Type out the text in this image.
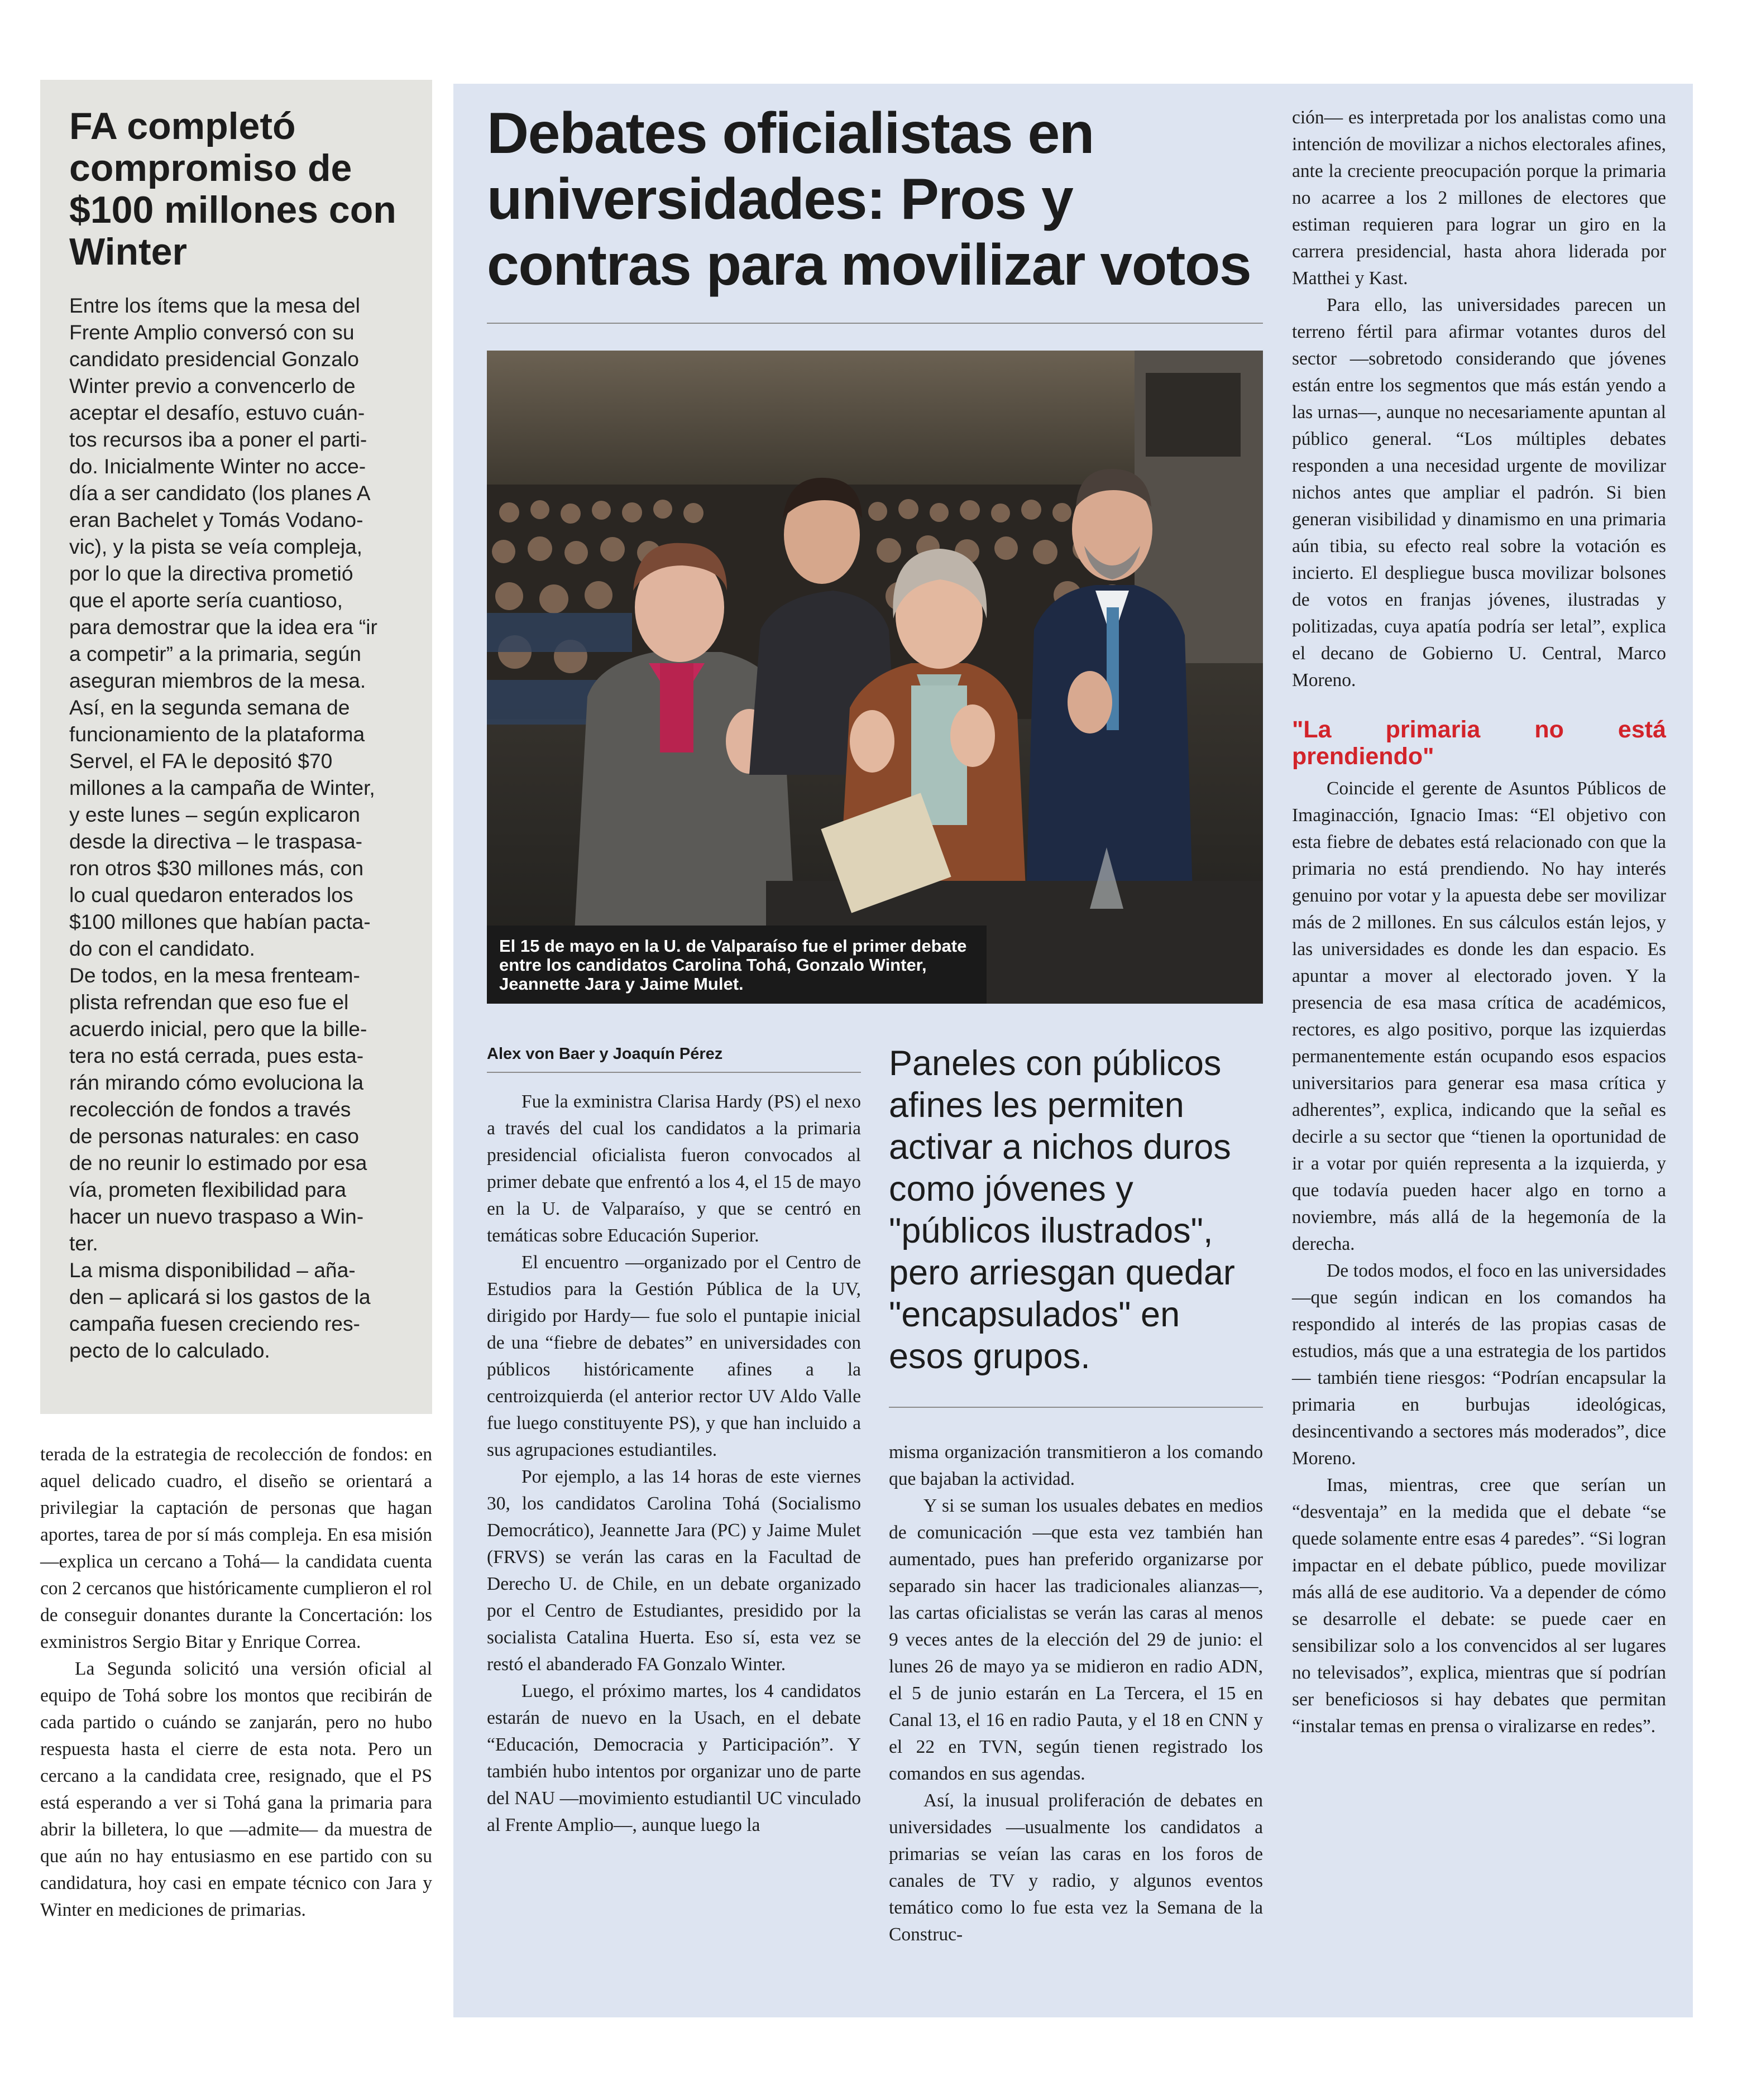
FA completó compromiso de $100 millones con Winter

Entre los ítems que la mesa del
Frente Amplio conversó con su
candidato presidencial Gonzalo
Winter previo a convencerlo de
aceptar el desafío, estuvo cuán-
tos recursos iba a poner el parti-
do. Inicialmente Winter no acce-
día a ser candidato (los planes A
eran Bachelet y Tomás Vodano-
vic), y la pista se veía compleja,
por lo que la directiva prometió
que el aporte sería cuantioso,
para demostrar que la idea era “ir
a competir” a la primaria, según
aseguran miembros de la mesa.
Así, en la segunda semana de
funcionamiento de la plataforma
Servel, el FA le depositó $70
millones a la campaña de Winter,
y este lunes – según explicaron
desde la directiva – le traspasa-
ron otros $30 millones más, con
lo cual quedaron enterados los
$100 millones que habían pacta-
do con el candidato.
De todos, en la mesa frenteam-
plista refrendan que eso fue el
acuerdo inicial, pero que la bille-
tera no está cerrada, pues esta-
rán mirando cómo evoluciona la
recolección de fondos a través
de personas naturales: en caso
de no reunir lo estimado por esa
vía, prometen flexibilidad para
hacer un nuevo traspaso a Win-
ter.
La misma disponibilidad – aña-
den – aplicará si los gastos de la
campaña fuesen creciendo res-
pecto de lo calculado.

terada de la estrategia de recolección de fondos: en aquel delicado cuadro, el diseño se orientará a privilegiar la captación de personas que hagan aportes, tarea de por sí más compleja. En esa misión —explica un cercano a Tohá— la candidata cuenta con 2 cercanos que históricamente cumplieron el rol de conseguir donantes durante la Concertación: los exministros Sergio Bitar y Enrique Correa.

La Segunda solicitó una versión oficial al equipo de Tohá sobre los montos que recibirán de cada partido o cuándo se zanjarán, pero no hubo respuesta hasta el cierre de esta nota. Pero un cercano a la candidata cree, resignado, que el PS está esperando a ver si Tohá gana la primaria para abrir la billetera, lo que —admite— da muestra de que aún no hay entusiasmo en ese partido con su candidatura, hoy casi en empate técnico con Jara y Winter en mediciones de primarias.

Debates oficialistas en universidades: Pros y contras para movilizar votos
El 15 de mayo en la U. de Valparaíso fue el primer debate entre los candidatos Carolina Tohá, Gonzalo Winter, Jeannette Jara y Jaime Mulet.
Alex von Baer y Joaquín Pérez

Fue la exministra Clarisa Hardy (PS) el nexo a través del cual los candidatos a la primaria presidencial oficialista fueron convocados al primer debate que enfrentó a los 4, el 15 de mayo en la U. de Valparaíso, y que se centró en temáticas sobre Educación Superior.

El encuentro —organizado por el Centro de Estudios para la Gestión Pública de la UV, dirigido por Hardy— fue solo el puntapie inicial de una “fiebre de debates” en universidades con públicos históricamente afines a la centroizquierda (el anterior rector UV Aldo Valle fue luego constituyente PS), y que han incluido a sus agrupaciones estudiantiles.

Por ejemplo, a las 14 horas de este viernes 30, los candidatos Carolina Tohá (Socialismo Democrático), Jeannette Jara (PC) y Jaime Mulet (FRVS) se verán las caras en la Facultad de Derecho U. de Chile, en un debate organizado por el Centro de Estudiantes, presidido por la socialista Catalina Huerta. Eso sí, esta vez se restó el abanderado FA Gonzalo Winter.

Luego, el próximo martes, los 4 candidatos estarán de nuevo en la Usach, en el debate “Educación, Democracia y Participación”. Y también hubo intentos por organizar uno de parte del NAU —movimiento estudiantil UC vinculado al Frente Amplio—, aunque luego la

Paneles con públicos afines les permiten activar a nichos duros como jóvenes y "públicos ilustrados", pero arriesgan quedar "encapsulados" en esos grupos.

misma organización transmitieron a los comando que bajaban la actividad.

Y si se suman los usuales debates en medios de comunicación —que esta vez también han aumentado, pues han preferido organizarse por separado sin hacer las tradicionales alianzas—, las cartas oficialistas se verán las caras al menos 9 veces antes de la elección del 29 de junio: el lunes 26 de mayo ya se midieron en radio ADN, el 5 de junio estarán en La Tercera, el 15 en Canal 13, el 16 en radio Pauta, y el 18 en CNN y el 22 en TVN, según tienen registrado los comandos en sus agendas.

Así, la inusual proliferación de debates en universidades —usualmente los candidatos a primarias se veían las caras en los foros de canales de TV y radio, y algunos eventos temático como lo fue esta vez la Semana de la Construc-

ción— es interpretada por los analistas como una intención de movilizar a nichos electorales afines, ante la creciente preocupación porque la primaria no acarree a los 2 millones de electores que estiman requieren para lograr un giro en la carrera presidencial, hasta ahora liderada por Matthei y Kast.

Para ello, las universidades parecen un terreno fértil para afirmar votantes duros del sector —sobretodo considerando que jóvenes están entre los segmentos que más están yendo a las urnas—, aunque no necesariamente apuntan al público general. “Los múltiples debates responden a una necesidad urgente de movilizar nichos antes que ampliar el padrón. Si bien generan visibilidad y dinamismo en una primaria aún tibia, su efecto real sobre la votación es incierto. El despliegue busca movilizar bolsones de votos en franjas jóvenes, ilustradas y politizadas, cuya apatía podría ser letal”, explica el decano de Gobierno U. Central, Marco Moreno.

"La primaria no está prendiendo"

Coincide el gerente de Asuntos Públicos de Imaginacción, Ignacio Imas: “El objetivo con esta fiebre de debates está relacionado con que la primaria no está prendiendo. No hay interés genuino por votar y la apuesta debe ser movilizar más de 2 millones. En sus cálculos están lejos, y las universidades es donde les dan espacio. Es apuntar a mover al electorado joven. Y la presencia de esa masa crítica de académicos, rectores, es algo positivo, porque las izquierdas permanentemente están ocupando esos espacios universitarios para generar esa masa crítica y adherentes”, explica, indicando que la señal es decirle a su sector que “tienen la oportunidad de ir a votar por quién representa a la izquierda, y que todavía pueden hacer algo en torno a noviembre, más allá de la hegemonía de la derecha.

De todos modos, el foco en las universidades —que según indican en los comandos ha respondido al interés de las propias casas de estudios, más que a una estrategia de los partidos— también tiene riesgos: “Podrían encapsular la primaria en burbujas ideológicas, desincentivando a sectores más moderados”, dice Moreno.

Imas, mientras, cree que serían un “desventaja” en la medida que el debate “se quede solamente entre esas 4 paredes”. “Si logran impactar en el debate público, puede movilizar más allá de ese auditorio. Va a depender de cómo se desarrolle el debate: se puede caer en sensibilizar solo a los convencidos al ser lugares no televisados”, explica, mientras que sí podrían ser beneficiosos si hay debates que permitan “instalar temas en prensa o viralizarse en redes”.
